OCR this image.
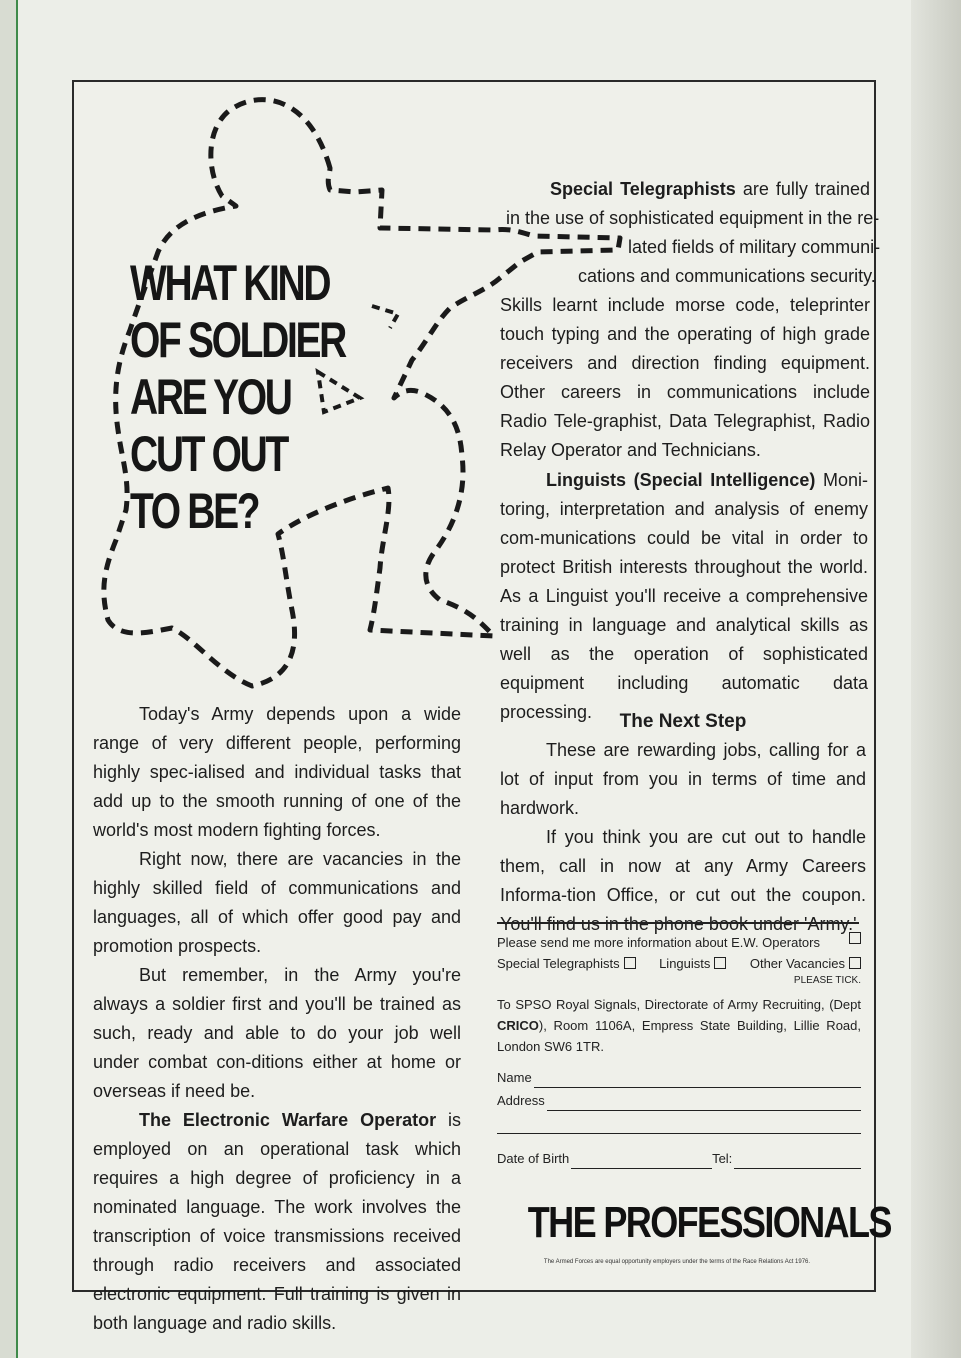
WHAT KIND
OF SOLDIER
ARE YOU
CUT OUT
TO BE?
Special Telegraphists are fully trained
in the use of sophisticated equipment in the re-
lated fields of military communi-
cations and communications security.
Skills learnt include morse code, teleprinter

touch typing and the operating of high grade receivers and direction finding equipment. Other careers in communications include Radio Tele-graphist, Data Telegraphist, Radio Relay Operator and Technicians.

Linguists (Special Intelligence) Moni-toring, interpretation and analysis of enemy com-munications could be vital in order to protect British interests throughout the world. As a Linguist you'll receive a comprehensive training in language and analytical skills as well as the operation of sophisticated equipment including automatic data processing.	The Next Step

These are rewarding jobs, calling for a lot of input from you in terms of time and hardwork.

If you think you are cut out to handle them, call in now at any Army Careers Informa-tion Office, or cut out the coupon. You'll find us in the phone book under 'Army.'

Today's Army depends upon a wide range of very different people, performing highly spec-ialised and individual tasks that add up to the smooth running of one of the world's most modern fighting forces.

Right now, there are vacancies in the highly skilled field of communications and languages, all of which offer good pay and promotion prospects.

But remember, in the Army you're always a soldier first and you'll be trained as such, ready and able to do your job well under combat con-ditions either at home or overseas if need be.

The Electronic Warfare Operator is employed on an operational task which requires a high degree of proficiency in a nominated language. The work involves the transcription of voice transmissions received through radio receivers and associated electronic equipment. Full training is given in both language and radio skills.

Please send me more information about E.W. Operators
Special Telegraphists	Linguists	Other Vacancies
PLEASE TICK.
To SPSO Royal Signals, Directorate of Army Recruiting, (Dept CRICO), Room 1106A, Empress State Building, Lillie Road, London SW6 1TR.
Name
Address
Date of Birth	Tel:
THE PROFESSIONALS
The Armed Forces are equal opportunity employers under the terms of the Race Relations Act 1976.
